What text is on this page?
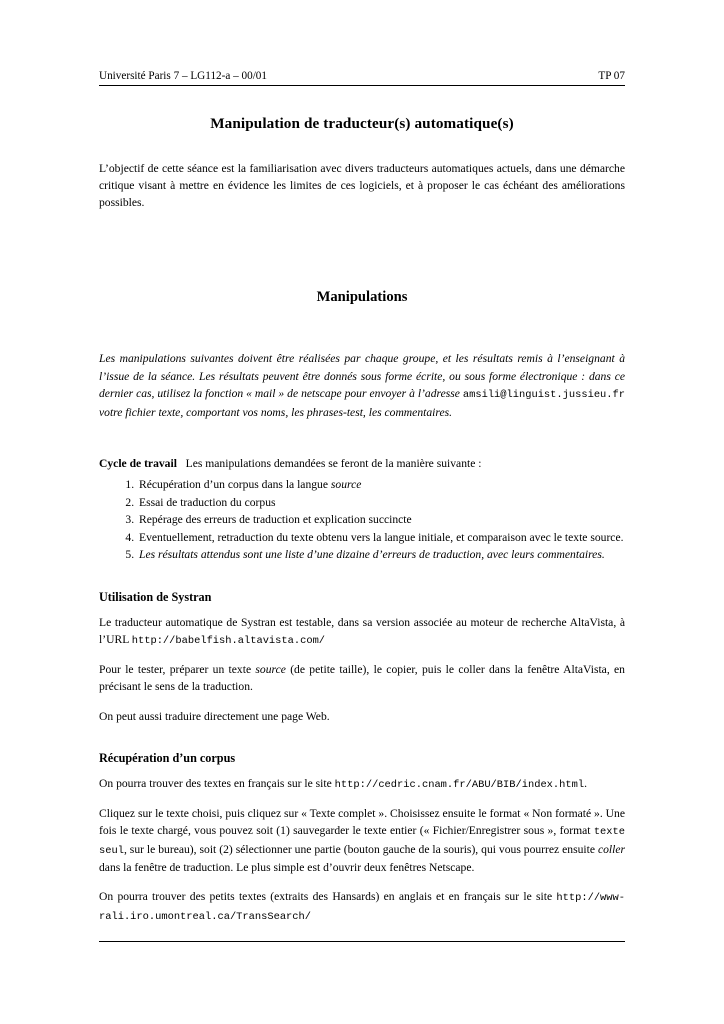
Université Paris 7 – LG112-a – 00/01	TP 07
Manipulation de traducteur(s) automatique(s)
L’objectif de cette séance est la familiarisation avec divers traducteurs automatiques actuels, dans une démarche critique visant à mettre en évidence les limites de ces logiciels, et à proposer le cas échéant des améliorations possibles.
Manipulations
Les manipulations suivantes doivent être réalisées par chaque groupe, et les résultats remis à l’enseignant à l’issue de la séance. Les résultats peuvent être donnés sous forme écrite, ou sous forme électronique : dans ce dernier cas, utilisez la fonction « mail » de netscape pour envoyer à l’adresse amsili@linguist.jussieu.fr votre fichier texte, comportant vos noms, les phrases-test, les commentaires.
Cycle de travail Les manipulations demandées se feront de la manière suivante :
1. Récupération d’un corpus dans la langue source
2. Essai de traduction du corpus
3. Repérage des erreurs de traduction et explication succincte
4. Eventuellement, retraduction du texte obtenu vers la langue initiale, et comparaison avec le texte source.
5. Les résultats attendus sont une liste d’une dizaine d’erreurs de traduction, avec leurs commentaires.
Utilisation de Systran
Le traducteur automatique de Systran est testable, dans sa version associée au moteur de recherche AltaVista, à l’URL http://babelfish.altavista.com/
Pour le tester, préparer un texte source (de petite taille), le copier, puis le coller dans la fenêtre AltaVista, en précisant le sens de la traduction.
On peut aussi traduire directement une page Web.
Récupération d’un corpus
On pourra trouver des textes en français sur le site http://cedric.cnam.fr/ABU/BIB/index.html.
Cliquez sur le texte choisi, puis cliquez sur « Texte complet ». Choisissez ensuite le format « Non formaté ». Une fois le texte chargé, vous pouvez soit (1) sauvegarder le texte entier (« Fichier/Enregistrer sous », format texte seul, sur le bureau), soit (2) sélectionner une partie (bouton gauche de la souris), qui vous pourrez ensuite coller dans la fenêtre de traduction. Le plus simple est d’ouvrir deux fenêtres Netscape.
On pourra trouver des petits textes (extraits des Hansards) en anglais et en français sur le site http://www-rali.iro.umontreal.ca/TransSearch/
